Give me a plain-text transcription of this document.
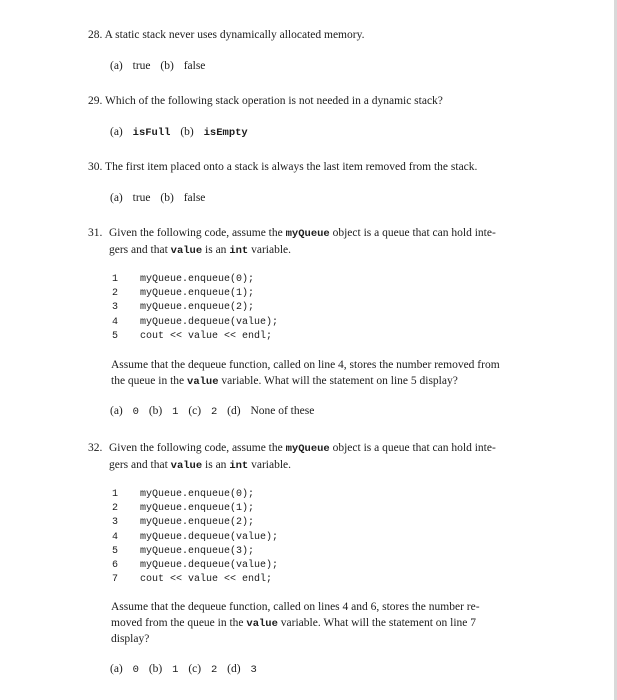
28. A static stack never uses dynamically allocated memory.
(a) true (b) false
29. Which of the following stack operation is not needed in a dynamic stack?
(a) isFull (b) isEmpty
30. The first item placed onto a stack is always the last item removed from the stack.
(a) true (b) false
31. Given the following code, assume the myQueue object is a queue that can hold inte-
gers and that value is an int variable.
1 myQueue.enqueue(0);
2 myQueue.enqueue(1);
3 myQueue.enqueue(2);
4 myQueue.dequeue(value);
5 cout << value << endl;
Assume that the dequeue function, called on line 4, stores the number removed from
the queue in the value variable. What will the statement on line 5 display?
(a) 0 (b) 1 (c) 2 (d) None of these
32. Given the following code, assume the myQueue object is a queue that can hold inte-
gers and that value is an int variable.
1 myQueue.enqueue(0);
2 myQueue.enqueue(1);
3 myQueue.enqueue(2);
4 myQueue.dequeue(value);
5 myQueue.enqueue(3);
6 myQueue.dequeue(value);
7 cout << value << endl;
Assume that the dequeue function, called on lines 4 and 6, stores the number re-
moved from the queue in the value variable. What will the statement on line 7
display?
(a) 0 (b) 1 (c) 2 (d) 3
